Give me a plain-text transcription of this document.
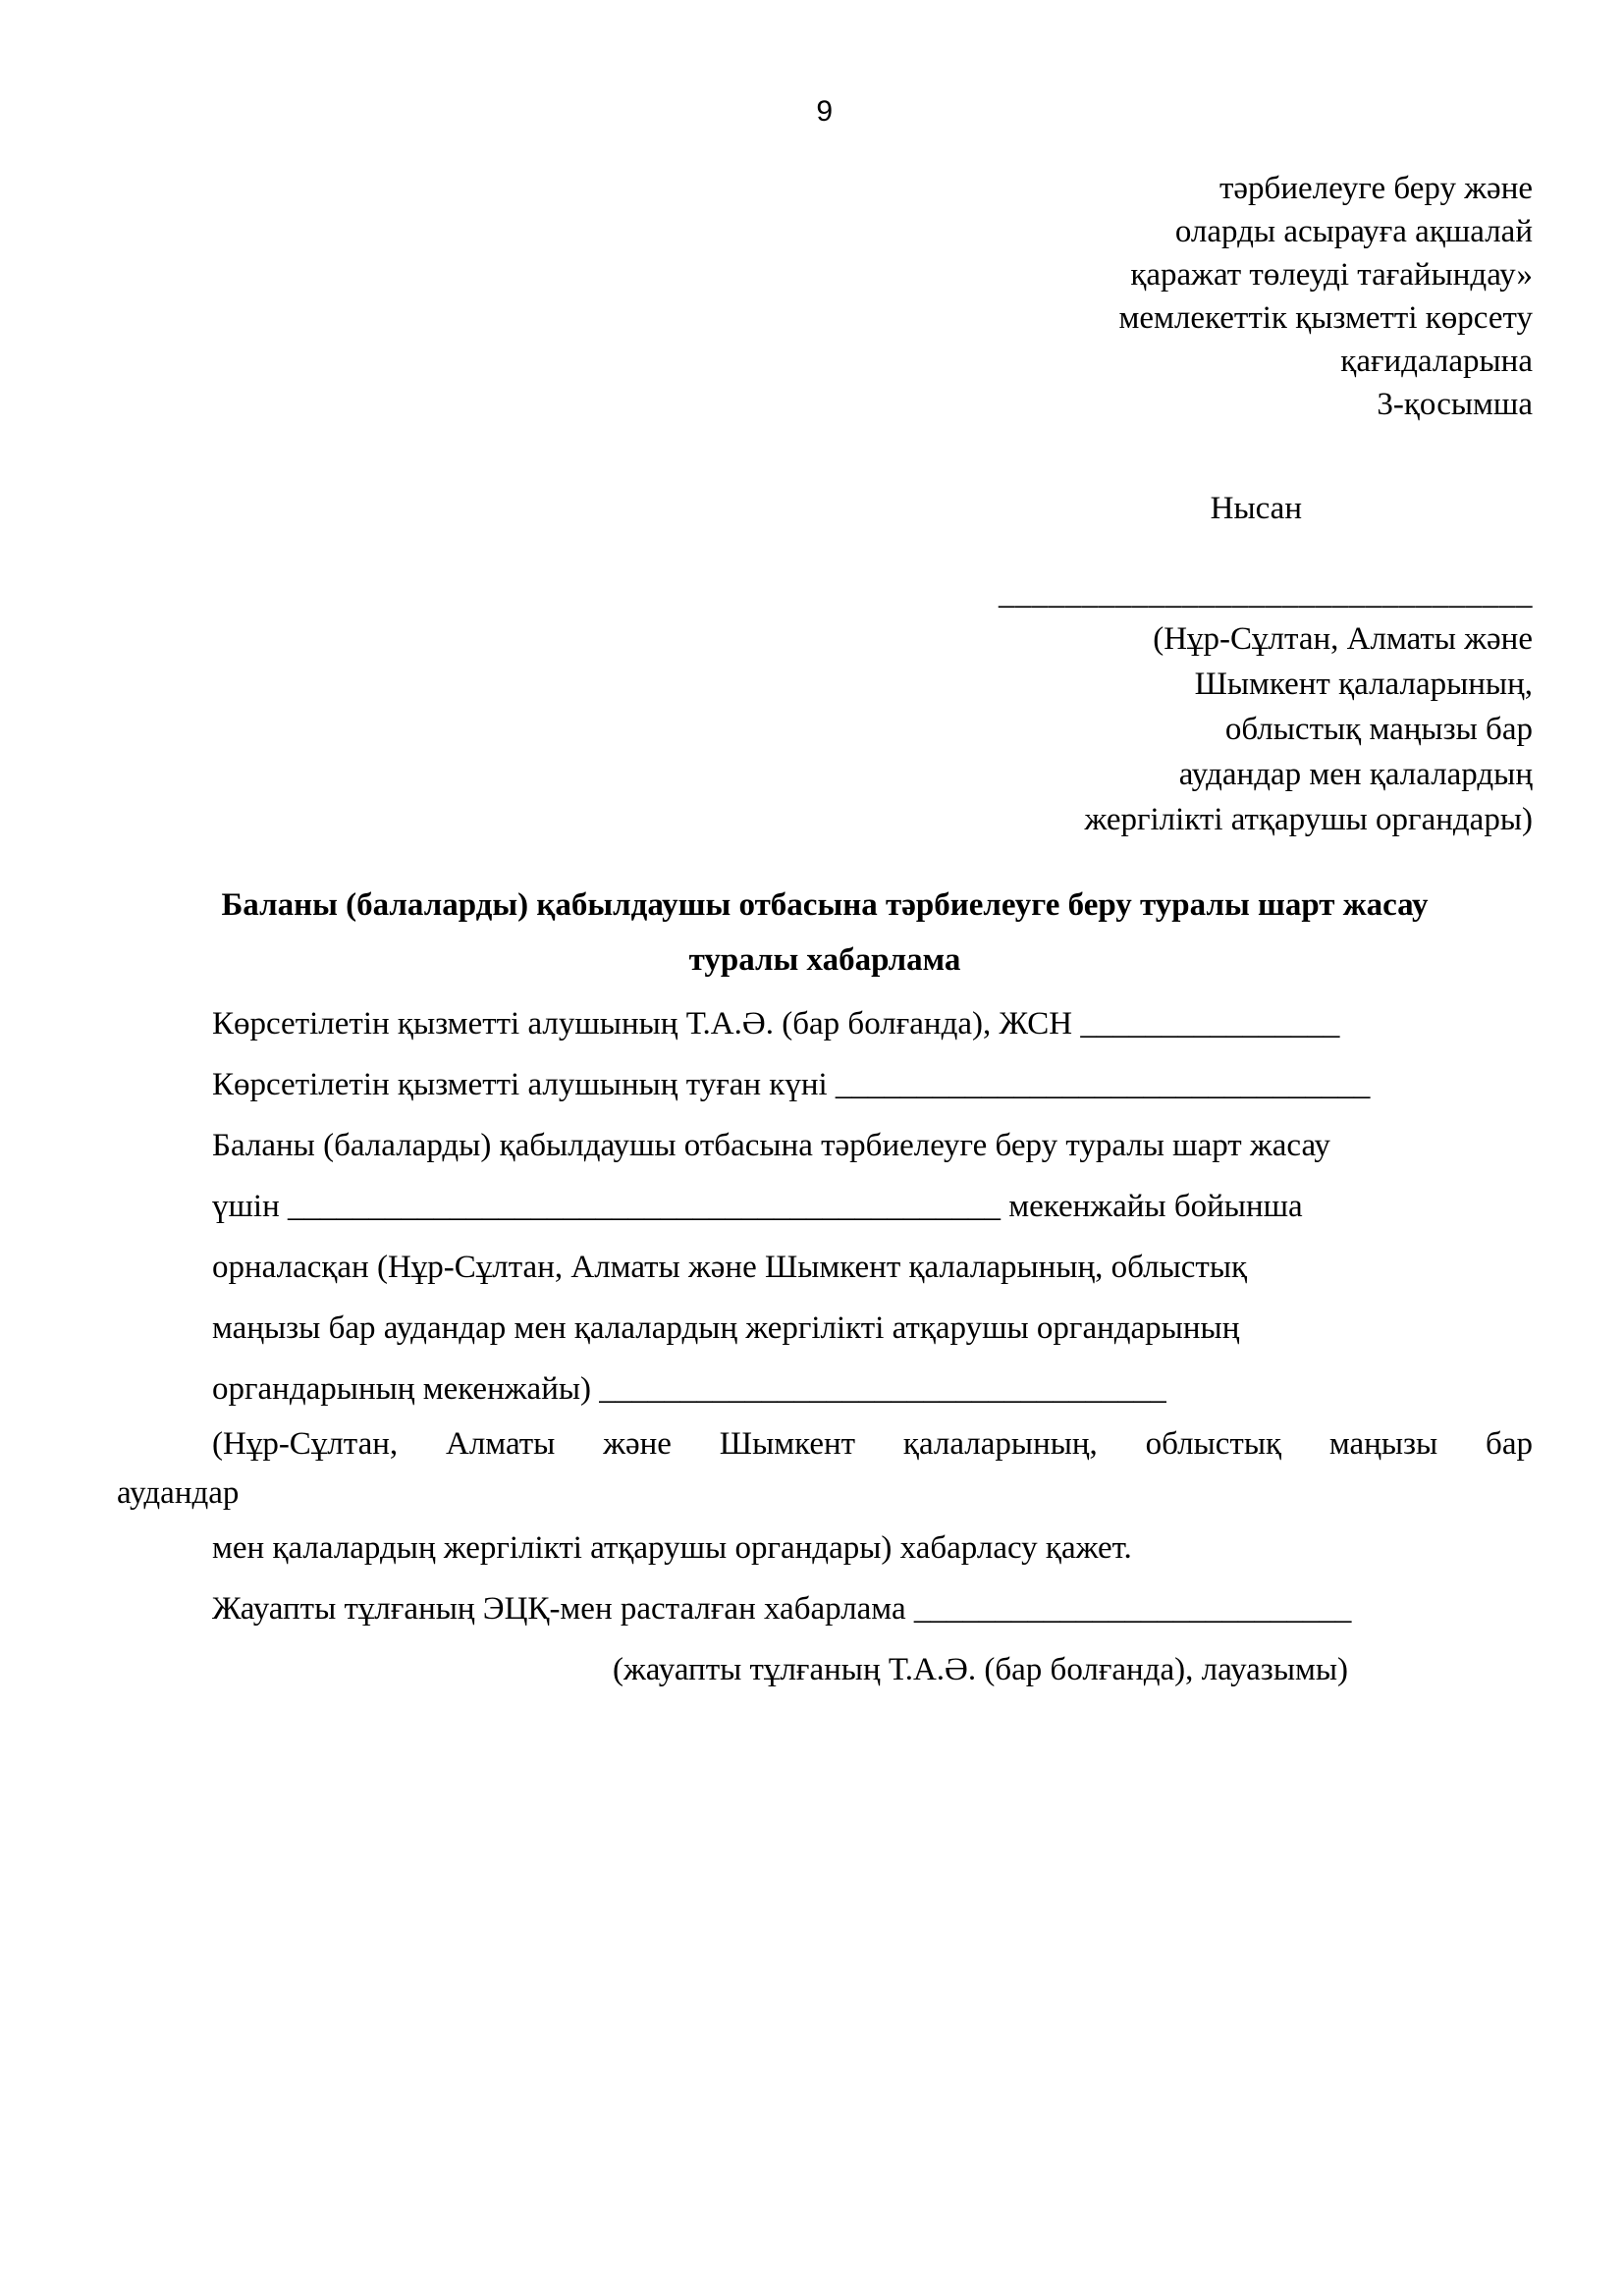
9
тәрбиелеуге беру және
оларды асырауға ақшалай
қаражат төлеуді тағайындау»
мемлекеттік қызметті көрсету
қағидаларына
3-қосымша
Нысан
________________________________
(Нұр-Сұлтан, Алматы және
Шымкент қалаларының,
облыстық маңызы бар
аудандар мен қалалардың
жергілікті атқарушы органдары)
Баланы (балаларды) қабылдаушы отбасына тәрбиелеуге беру туралы шарт жасау
туралы хабарлама
Көрсетілетін қызметті алушының Т.А.Ә. (бар болғанда), ЖСН ________________
Көрсетілетін қызметті алушының туған күні _________________________________
Баланы (балаларды) қабылдаушы отбасына тәрбиелеуге беру туралы шарт жасау
үшін ____________________________________________ мекенжайы бойынша
орналасқан (Нұр-Сұлтан, Алматы және Шымкент қалаларының, облыстық
маңызы бар аудандар мен қалалардың жергілікті атқарушы органдарының
органдарының мекенжайы) ___________________________________
(Нұр-Сұлтан, Алматы және Шымкент қалаларының, облыстық маңызы бар
аудандар
мен қалалардың жергілікті атқарушы органдары) хабарласу қажет.
Жауапты тұлғаның ЭЦҚ-мен расталған хабарлама ___________________________
(жауапты тұлғаның Т.А.Ә. (бар болғанда), лауазымы)
